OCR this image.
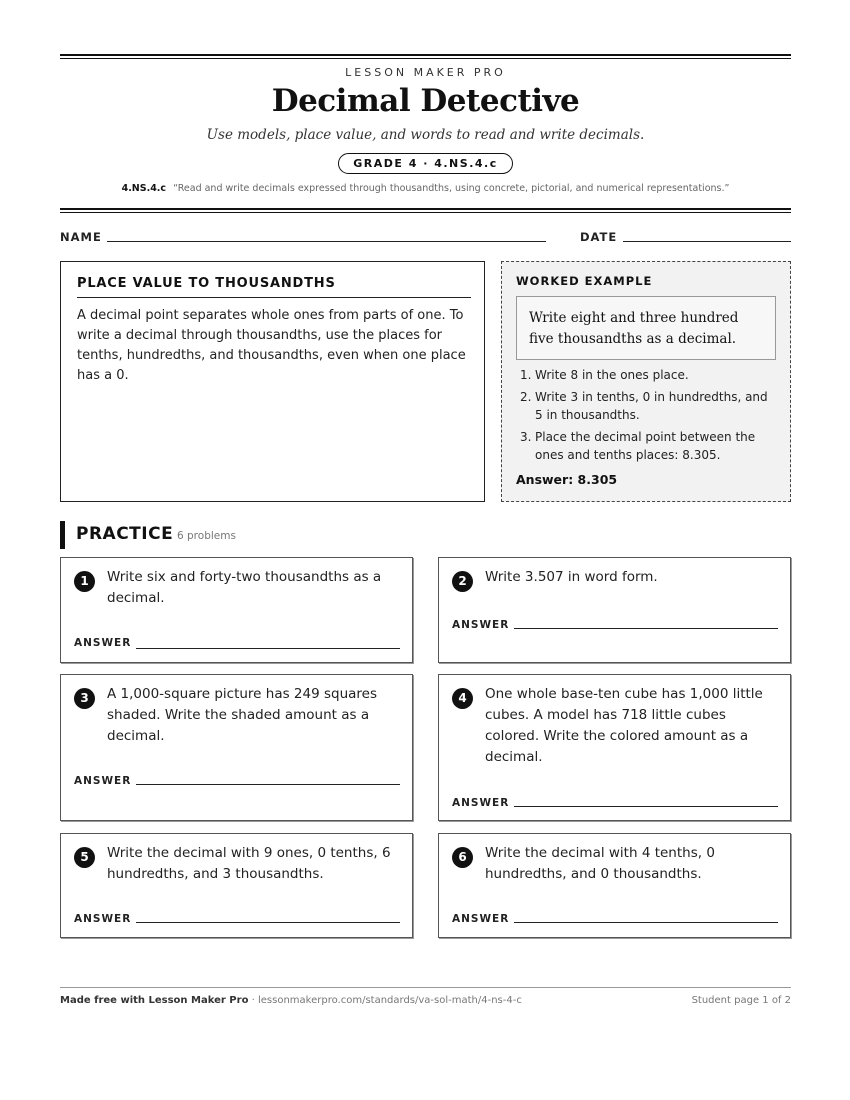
LESSON MAKER PRO
Decimal Detective
Use models, place value, and words to read and write decimals.
GRADE 4 · 4.NS.4.c
4.NS.4.c “Read and write decimals expressed through thousandths, using concrete, pictorial, and numerical representations.”
NAME	DATE
PLACE VALUE TO THOUSANDTHS
A decimal point separates whole ones from parts of one. To write a decimal through thousandths, use the places for tenths, hundredths, and thousandths, even when one place has a 0.
WORKED EXAMPLE
Write eight and three hundred five thousandths as a decimal.
1. Write 8 in the ones place.
2. Write 3 in tenths, 0 in hundredths, and 5 in thousandths.
3. Place the decimal point between the ones and tenths places: 8.305.
Answer: 8.305
PRACTICE 6 problems
1	Write six and forty-two thousandths as a decimal.
ANSWER
2	Write 3.507 in word form.
ANSWER
3	A 1,000-square picture has 249 squares shaded. Write the shaded amount as a decimal.
ANSWER
4	One whole base-ten cube has 1,000 little cubes. A model has 718 little cubes colored. Write the colored amount as a decimal.
ANSWER
5	Write the decimal with 9 ones, 0 tenths, 6 hundredths, and 3 thousandths.
ANSWER
6	Write the decimal with 4 tenths, 0 hundredths, and 0 thousandths.
ANSWER
Made free with Lesson Maker Pro · lessonmakerpro.com/standards/va-sol-math/4-ns-4-c	Student page 1 of 2
